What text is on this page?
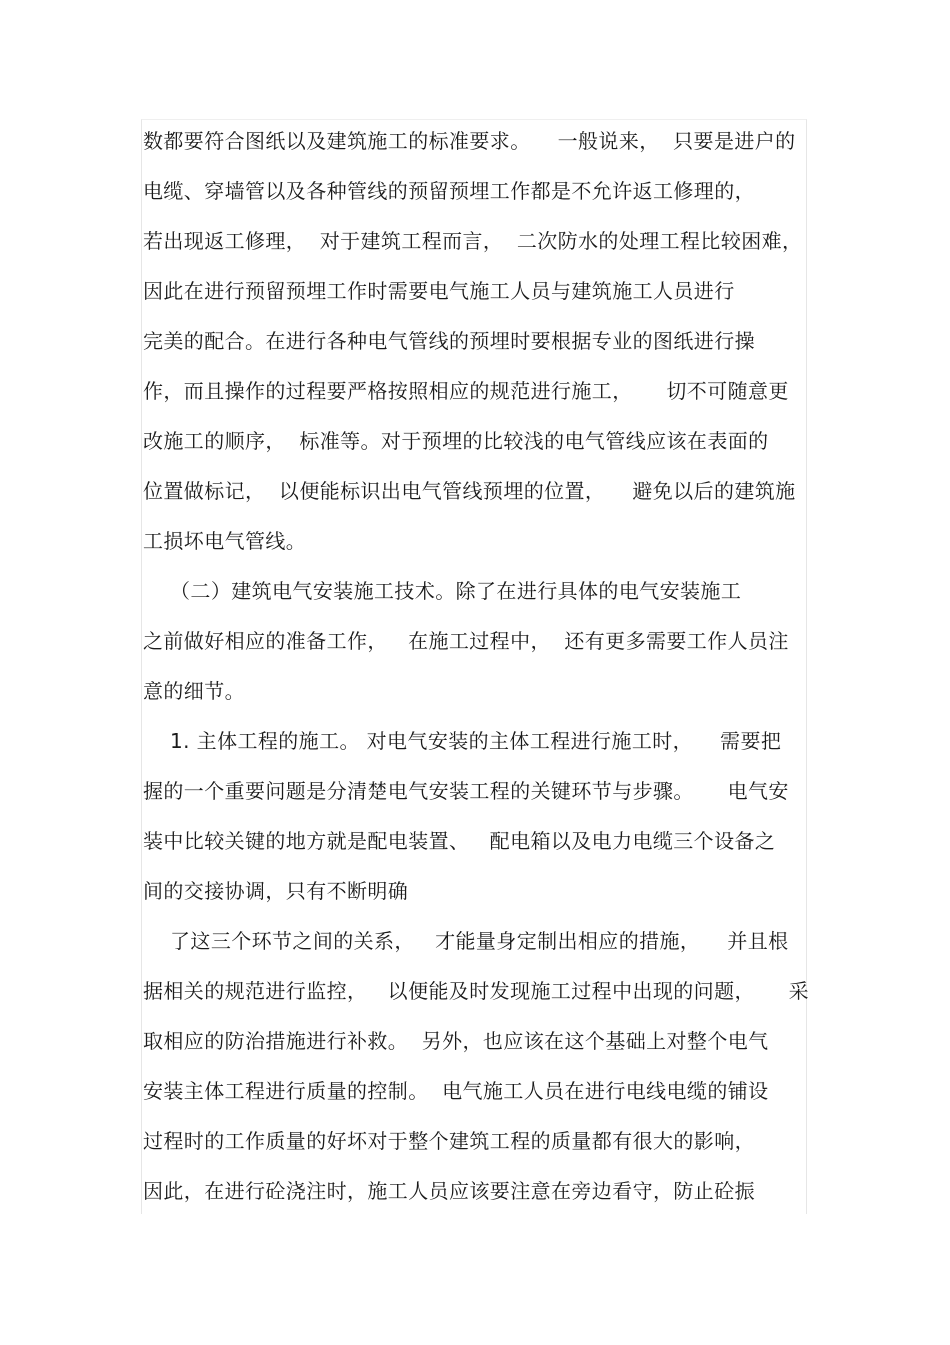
数都要符合图纸以及建筑施工的标准要求。    一般说来，  只要是进户的
电缆、穿墙管以及各种管线的预留预埋工作都是不允许返工修理的，
若出现返工修理，  对于建筑工程而言，  二次防水的处理工程比较困难，
因此在进行预留预埋工作时需要电气施工人员与建筑施工人员进行
完美的配合。在进行各种电气管线的预埋时要根据专业的图纸进行操
作，而且操作的过程要严格按照相应的规范进行施工，     切不可随意更
改施工的顺序，  标准等。对于预埋的比较浅的电气管线应该在表面的
位置做标记，  以便能标识出电气管线预埋的位置，    避免以后的建筑施
工损坏电气管线。
（二）建筑电气安装施工技术。除了在进行具体的电气安装施工
之前做好相应的准备工作，   在施工过程中，  还有更多需要工作人员注
意的细节。
1. 主体工程的施工。 对电气安装的主体工程进行施工时，    需要把
握的一个重要问题是分清楚电气安装工程的关键环节与步骤。     电气安
装中比较关键的地方就是配电装置、   配电箱以及电力电缆三个设备之
间的交接协调，只有不断明确
了这三个环节之间的关系，   才能量身定制出相应的措施，    并且根
据相关的规范进行监控，   以便能及时发现施工过程中出现的问题，     采
取相应的防治措施进行补救。  另外，也应该在这个基础上对整个电气
安装主体工程进行质量的控制。  电气施工人员在进行电线电缆的铺设
过程时的工作质量的好坏对于整个建筑工程的质量都有很大的影响，
因此，在进行砼浇注时，施工人员应该要注意在旁边看守，防止砼振
